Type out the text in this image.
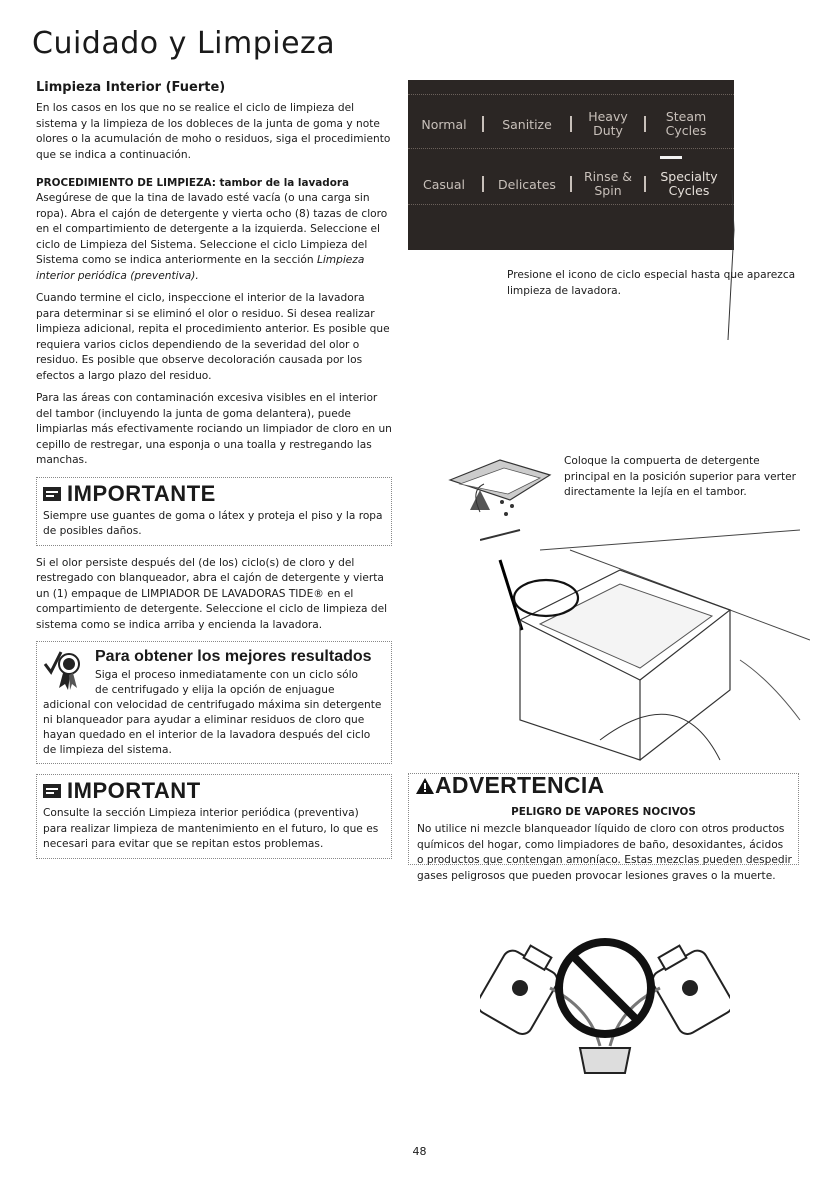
Cuidado y Limpieza
Limpieza Interior (Fuerte)

En los casos en los que no se realice el ciclo de limpieza del sistema y la limpieza de los dobleces de la junta de goma y note olores o la acumulación de moho o residuos, siga el procedimiento que se indica a continuación.

PROCEDIMIENTO DE LIMPIEZA: tambor de la lavadora

Asegúrese de que la tina de lavado esté vacía (o una carga sin ropa). Abra el cajón de detergente y vierta ocho (8) tazas de cloro en el compartimiento de detergente a la izquierda. Seleccione el ciclo de Limpieza del Sistema. Seleccione el ciclo Limpieza del Sistema como se indica anteriormente en la sección Limpieza interior periódica (preventiva).

Cuando termine el ciclo, inspeccione el interior de la lavadora para determinar si se eliminó el olor o residuo. Si desea realizar limpieza adicional, repita el procedimiento anterior. Es posible que requiera varios ciclos dependiendo de la severidad del olor o residuo. Es posible que observe decoloración causada por los efectos a largo plazo del residuo.

Para las áreas con contaminación excesiva visibles en el interior del tambor (incluyendo la junta de goma delantera), puede limpiarlas más efectivamente rociando un limpiador de cloro en un cepillo de restregar, una esponja o una toalla y restregando las manchas.

IMPORTANTE

Siempre use guantes de goma o látex y proteja el piso y la ropa de posibles daños.

Si el olor persiste después del (de los) ciclo(s) de cloro y del restregado con blanqueador, abra el cajón de detergente y vierta un (1) empaque de LIMPIADOR DE LAVADORAS TIDE® en el compartimiento de detergente. Seleccione el ciclo de limpieza del sistema como se indica arriba y encienda la lavadora.

Para obtener los mejores resultados

Siga el proceso inmediatamente con un ciclo sólo
de centrifugado y elija la opción de enjuague
adicional con velocidad de centrifugado máxima sin detergente ni blanqueador para ayudar a eliminar residuos de cloro que hayan quedado en el interior de la lavadora después del ciclo de limpieza del sistema.

IMPORTANT

Consulte la sección Limpieza interior periódica (preventiva) para realizar limpieza de mantenimiento en el futuro, lo que es necesari para evitar que se repitan estos problemas.

Normal	Sanitize
Heavy Duty
Steam Cycles
Casual	Delicates
Rinse & Spin
Specialty Cycles
Presione el icono de ciclo especial hasta que aparezca limpieza de lavadora.
Coloque la compuerta de detergente principal en la posición superior para verter directamente la lejía en el tambor.
ADVERTENCIA
PELIGRO DE VAPORES NOCIVOS
No utilice ni mezcle blanqueador líquido de cloro con otros productos químicos del hogar, como limpiadores de baño, desoxidantes, ácidos o productos que contengan amoníaco. Estas mezclas pueden despedir gases peligrosos que pueden provocar lesiones graves o la muerte.
48
